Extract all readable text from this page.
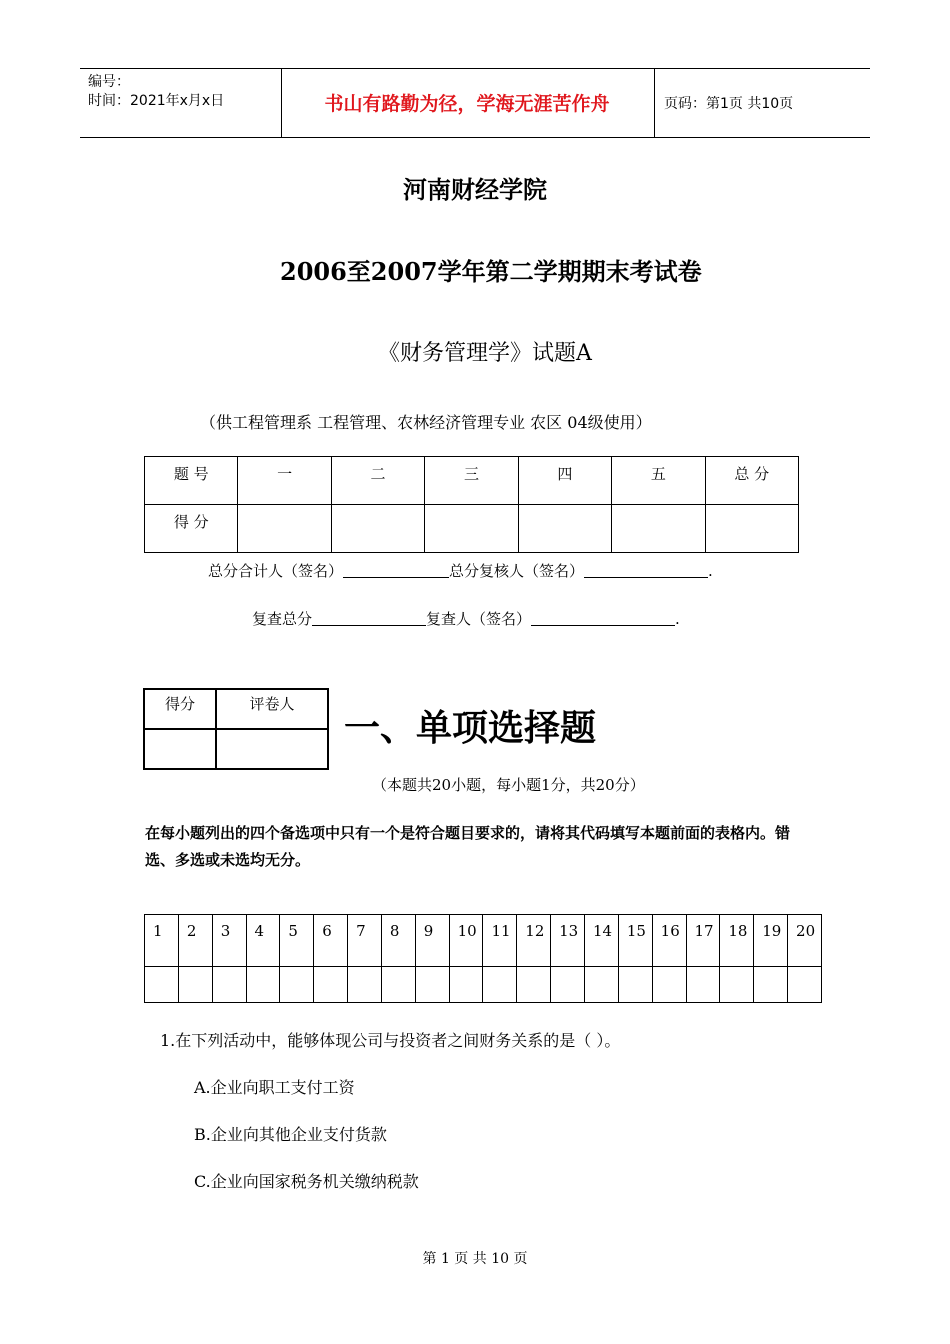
编号：
时间：2021年x月x日	书山有路勤为径，学海无涯苦作舟	页码：第1页 共10页
河南财经学院
2006至2007学年第二学期期末考试卷
《财务管理学》试题A
（供工程管理系 工程管理、农林经济管理专业 农区 04级使用）
题 号	一	二	三	四	五	总 分
得 分						
总分合计人（签名）	总分复核人（签名）	.
复查总分	复查人（签名）	.
得分	评卷人

一、单项选择题
（本题共20小题，每小题1分，共20分）
在每小题列出的四个备选项中只有一个是符合题目要求的，请将其代码填写本题前面的表格内。错选、多选或未选均无分。
1	2	3	4	5	6	7	8	9	10	11	12	13	14	15	16	17	18	19	20

1.在下列活动中，能够体现公司与投资者之间财务关系的是（ ）。
A.企业向职工支付工资
B.企业向其他企业支付货款
C.企业向国家税务机关缴纳税款
第 1 页 共 10 页
